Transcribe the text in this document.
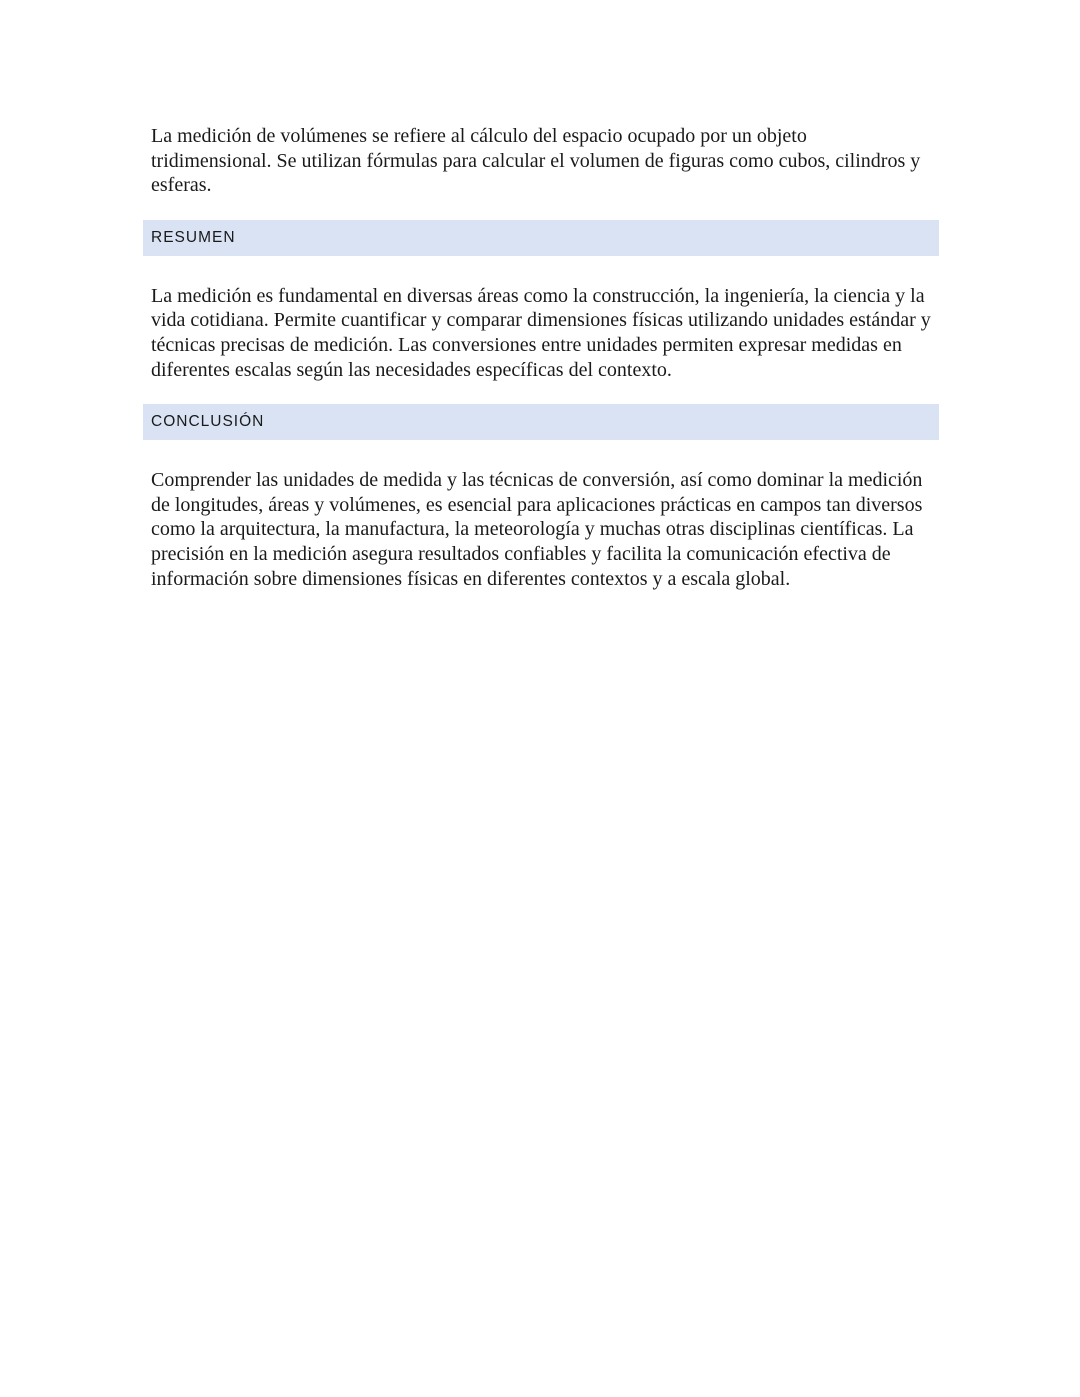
La medición de volúmenes se refiere al cálculo del espacio ocupado por un objeto tridimensional. Se utilizan fórmulas para calcular el volumen de figuras como cubos, cilindros y esferas.

RESUMEN

La medición es fundamental en diversas áreas como la construcción, la ingeniería, la ciencia y la vida cotidiana. Permite cuantificar y comparar dimensiones físicas utilizando unidades estándar y técnicas precisas de medición. Las conversiones entre unidades permiten expresar medidas en diferentes escalas según las necesidades específicas del contexto.

CONCLUSIÓN

Comprender las unidades de medida y las técnicas de conversión, así como dominar la medición de longitudes, áreas y volúmenes, es esencial para aplicaciones prácticas en campos tan diversos como la arquitectura, la manufactura, la meteorología y muchas otras disciplinas científicas. La precisión en la medición asegura resultados confiables y facilita la comunicación efectiva de información sobre dimensiones físicas en diferentes contextos y a escala global.
